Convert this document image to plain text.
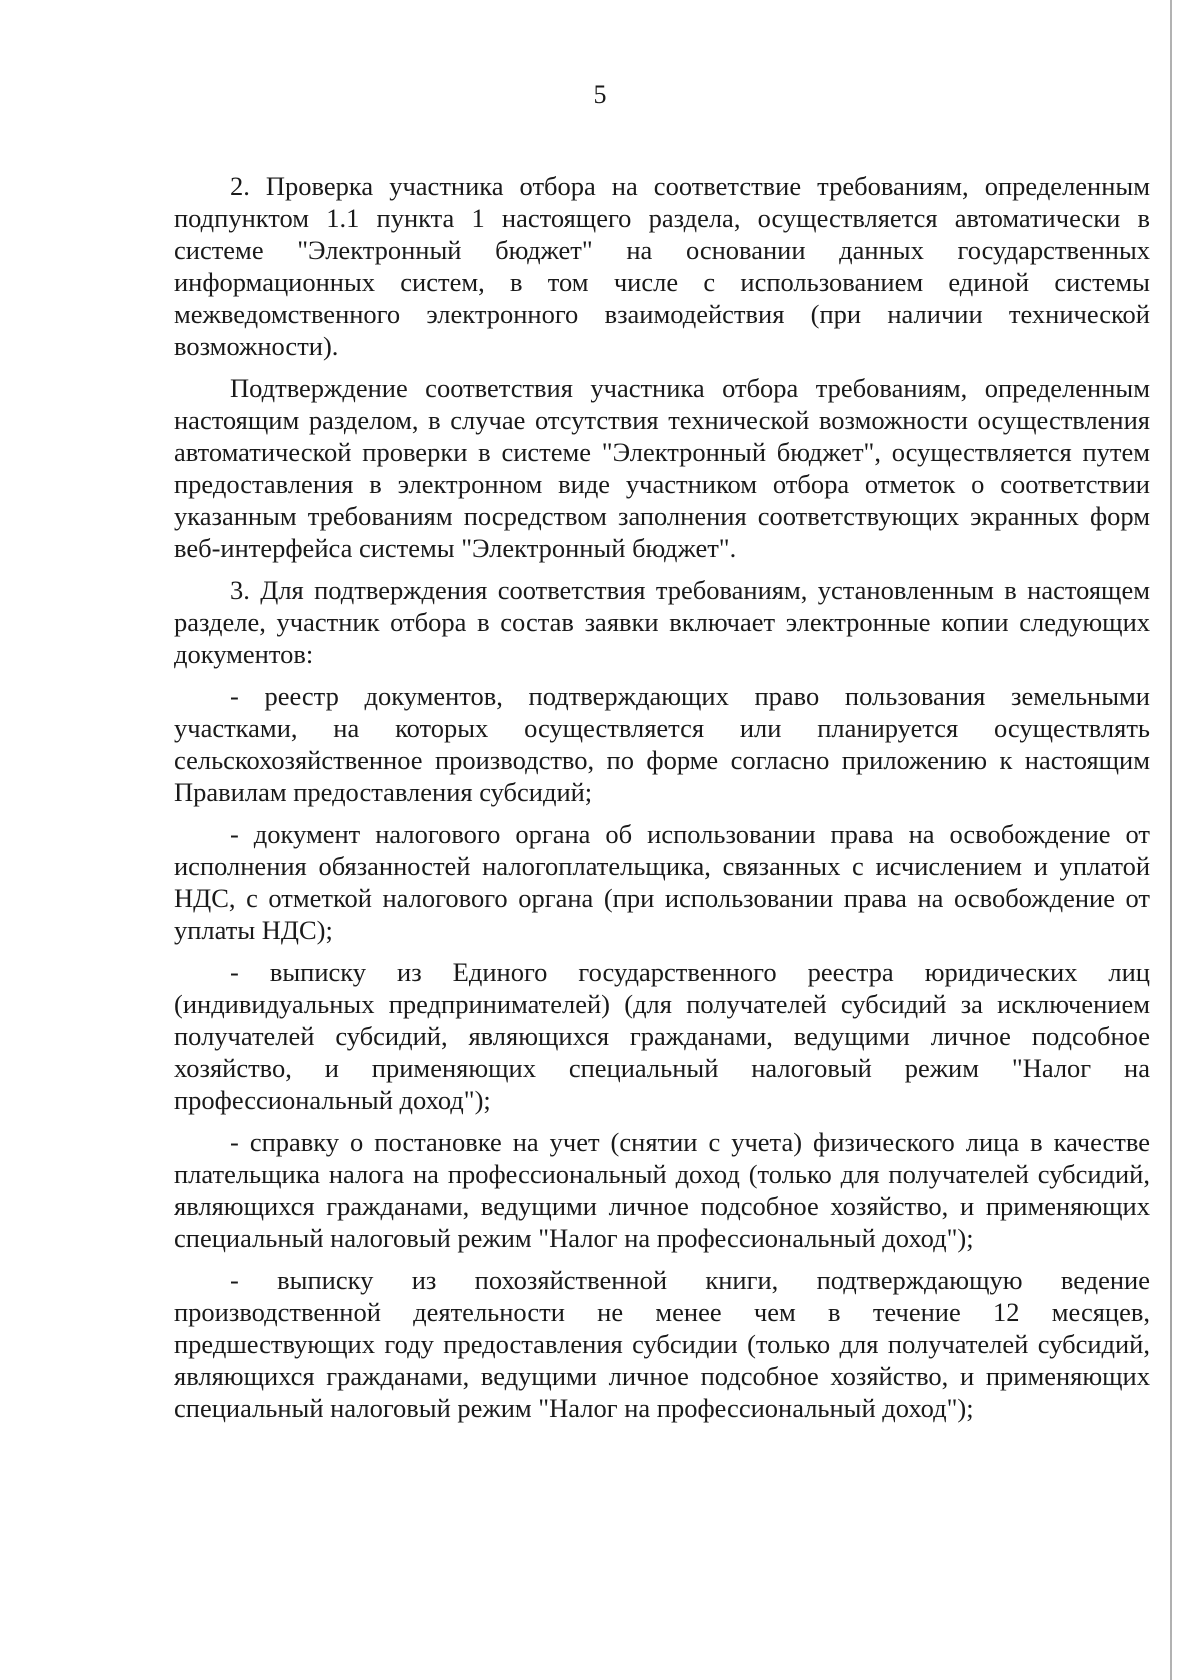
5

2. Проверка участника отбора на соответствие требованиям, определенным подпунктом 1.1 пункта 1 настоящего раздела, осуществляется автоматически в системе "Электронный бюджет" на основании данных государственных информационных систем, в том числе с использованием единой системы межведомственного электронного взаимодействия (при наличии технической возможности).

Подтверждение соответствия участника отбора требованиям, определенным настоящим разделом, в случае отсутствия технической возможности осуществления автоматической проверки в системе "Электронный бюджет", осуществляется путем предоставления в электронном виде участником отбора отметок о соответствии указанным требованиям посредством заполнения соответствующих экранных форм веб-интерфейса системы "Электронный бюджет".

3. Для подтверждения соответствия требованиям, установленным в настоящем разделе, участник отбора в состав заявки включает электронные копии следующих документов:

- реестр документов, подтверждающих право пользования земельными участками, на которых осуществляется или планируется осуществлять сельскохозяйственное производство, по форме согласно приложению к настоящим Правилам предоставления субсидий;

- документ налогового органа об использовании права на освобождение от исполнения обязанностей налогоплательщика, связанных с исчислением и уплатой НДС, с отметкой налогового органа (при использовании права на освобождение от уплаты НДС);

- выписку из Единого государственного реестра юридических лиц (индивидуальных предпринимателей) (для получателей субсидий за исключением получателей субсидий, являющихся гражданами, ведущими личное подсобное хозяйство, и применяющих специальный налоговый режим "Налог на профессиональный доход");

- справку о постановке на учет (снятии с учета) физического лица в качестве плательщика налога на профессиональный доход (только для получателей субсидий, являющихся гражданами, ведущими личное подсобное хозяйство, и применяющих специальный налоговый режим "Налог на профессиональный доход");

- выписку из похозяйственной книги, подтверждающую ведение производственной деятельности не менее чем в течение 12 месяцев, предшествующих году предоставления субсидии (только для получателей субсидий, являющихся гражданами, ведущими личное подсобное хозяйство, и применяющих специальный налоговый режим "Налог на профессиональный доход");
